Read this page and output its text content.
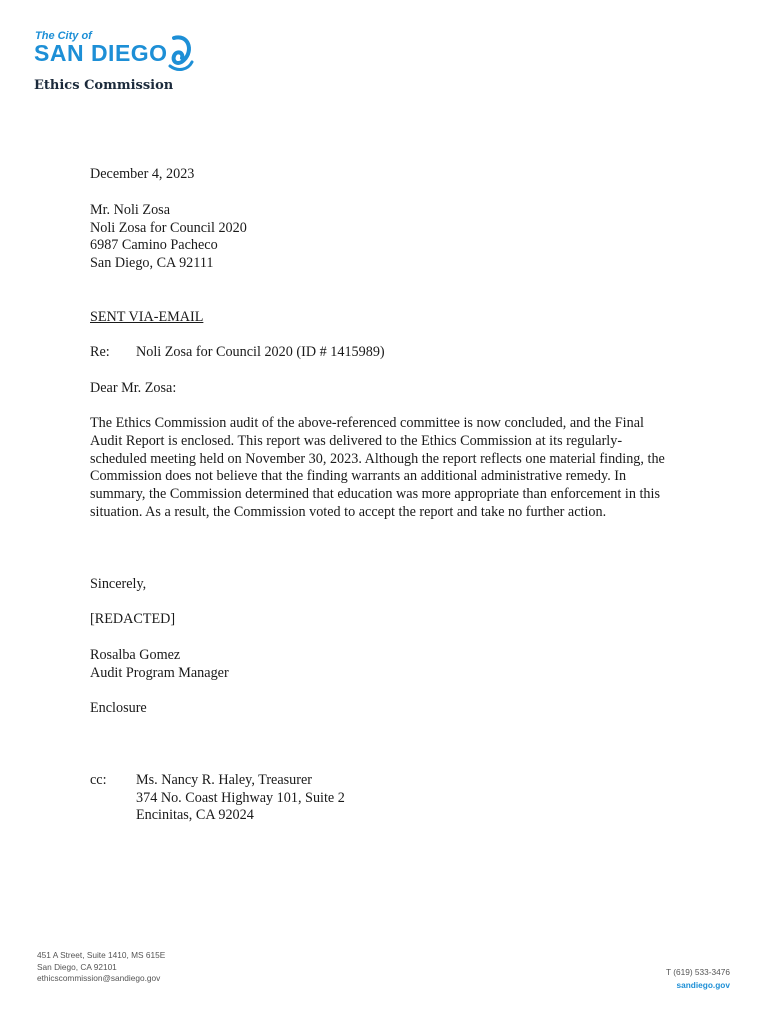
The City of
SAN DIEGO
Ethics Commission
December 4, 2023
Mr. Noli Zosa
Noli Zosa for Council 2020
6987 Camino Pacheco
San Diego, CA 92111
SENT VIA-EMAIL
Re: Noli Zosa for Council 2020 (ID # 1415989)
Dear Mr. Zosa:
The Ethics Commission audit of the above-referenced committee is now concluded, and the Final Audit Report is enclosed. This report was delivered to the Ethics Commission at its regularly-scheduled meeting held on November 30, 2023. Although the report reflects one material finding, the Commission does not believe that the finding warrants an additional administrative remedy. In summary, the Commission determined that education was more appropriate than enforcement in this situation. As a result, the Commission voted to accept the report and take no further action.
Sincerely,
[REDACTED]
Rosalba Gomez
Audit Program Manager
Enclosure
cc: Ms. Nancy R. Haley, Treasurer
374 No. Coast Highway 101, Suite 2
Encinitas, CA 92024
451 A Street, Suite 1410, MS 615E
San Diego, CA 92101
ethicscommission@sandiego.gov
T (619) 533-3476
sandiego.gov
